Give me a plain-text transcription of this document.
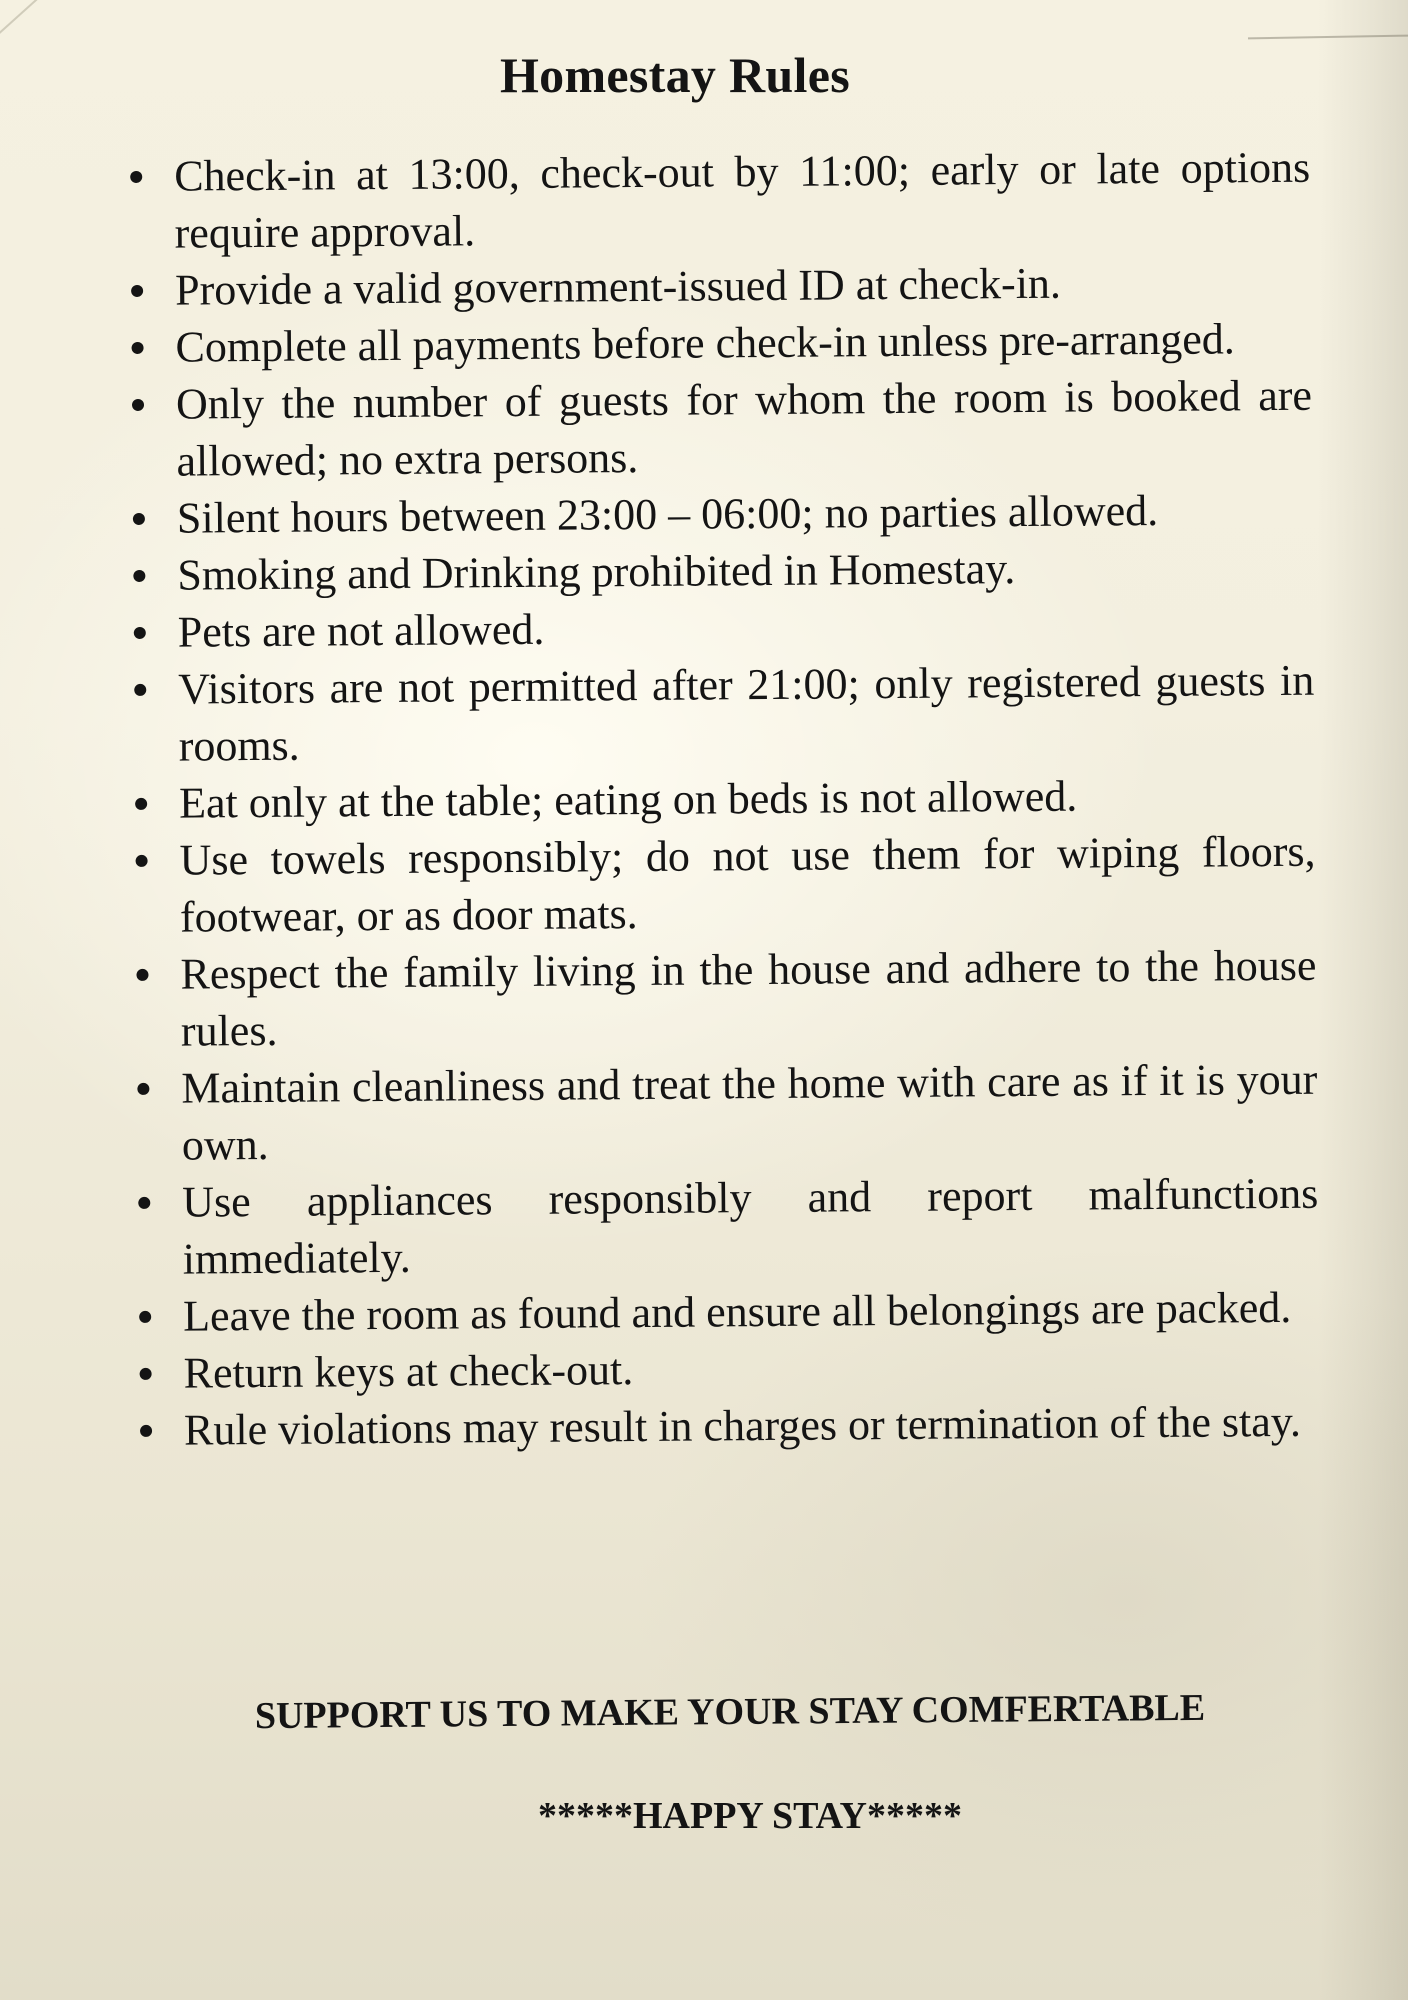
Homestay Rules
Check-in at 13:00, check-out by 11:00; early or late options require approval.
Provide a valid government-issued ID at check-in.
Complete all payments before check-in unless pre-arranged.
Only the number of guests for whom the room is booked are allowed; no extra persons.
Silent hours between 23:00 – 06:00; no parties allowed.
Smoking and Drinking prohibited in Homestay.
Pets are not allowed.
Visitors are not permitted after 21:00; only registered guests in rooms.
Eat only at the table; eating on beds is not allowed.
Use towels responsibly; do not use them for wiping floors, footwear, or as door mats.
Respect the family living in the house and adhere to the house rules.
Maintain cleanliness and treat the home with care as if it is your own.
Use appliances responsibly and report malfunctions immediately.
Leave the room as found and ensure all belongings are packed.
Return keys at check-out.
Rule violations may result in charges or termination of the stay.

SUPPORT US TO MAKE YOUR STAY COMFERTABLE

*****HAPPY STAY*****
